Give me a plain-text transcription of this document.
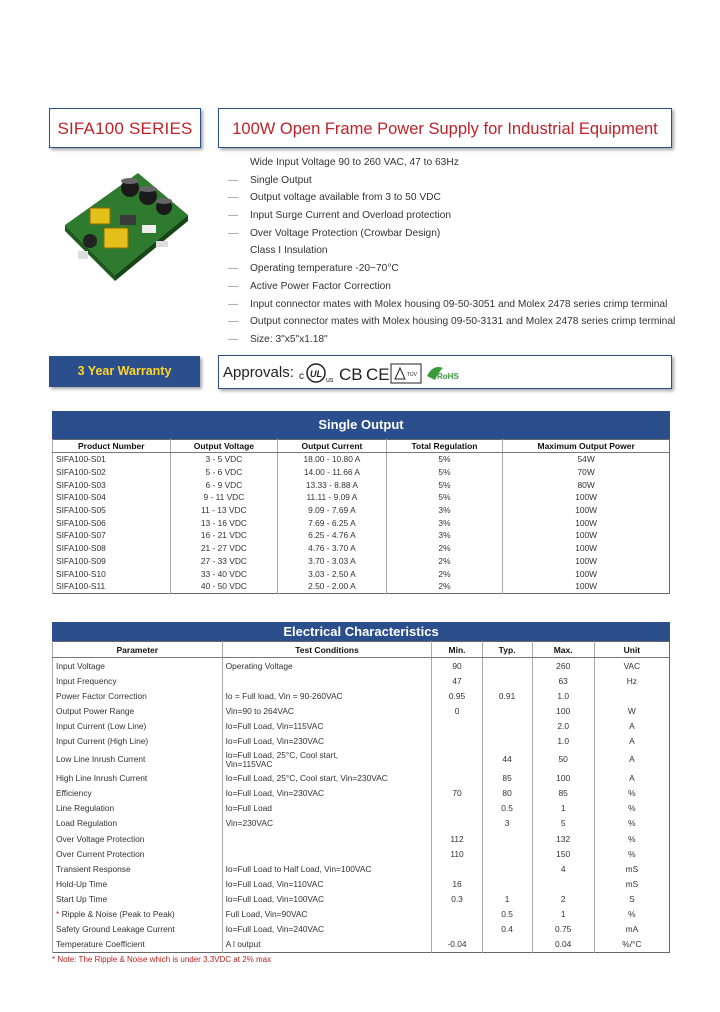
SIFA100 SERIES	100W Open Frame Power Supply for Industrial Equipment
Wide Input Voltage 90 to 260 VAC, 47 to 63Hz
— Single Output
— Output voltage available from 3 to 50 VDC
— Input Surge Current and Overload protection
— Over Voltage Protection (Crowbar Design)
Class I Insulation
— Operating temperature -20~70°C
— Active Power Factor Correction
— Input connector mates with Molex housing 09-50-3051 and Molex 2478 series crimp terminal
— Output connector mates with Molex housing 09-50-3131 and Molex 2478 series crimp terminal
— Size: 3"x5"x1.18"
3 Year Warranty	Approvals: c UL
us CB CE	TÜV	RoHS
Single Output
Product Number	Output Voltage	Output Current	Total Regulation	Maximum Output Power
SIFA100-S01	3 - 5 VDC	18.00 - 10.80 A	5%	54W
SIFA100-S02	5 - 6 VDC	14.00 - 11.66 A	5%	70W
SIFA100-S03	6 - 9 VDC	13.33 - 8.88 A	5%	80W
SIFA100-S04	9 - 11 VDC	11.11 - 9.09 A	5%	100W
SIFA100-S05	11 - 13 VDC	9.09 - 7.69 A	3%	100W
SIFA100-S06	13 - 16 VDC	7.69 - 6.25 A	3%	100W
SIFA100-S07	16 - 21 VDC	6.25 - 4.76 A	3%	100W
SIFA100-S08	21 - 27 VDC	4.76 - 3.70 A	2%	100W
SIFA100-S09	27 - 33 VDC	3.70 - 3.03 A	2%	100W
SIFA100-S10	33 - 40 VDC	3.03 - 2.50 A	2%	100W
SIFA100-S11	40 - 50 VDC	2.50 - 2.00 A	2%	100W
Electrical Characteristics
Parameter	Test Conditions	Min.	Typ.	Max.	Unit
Input Voltage	Operating Voltage	90		260	VAC
Input Frequency		47		63	Hz
Power Factor Correction	Io = Full load, Vin = 90-260VAC	0.95	0.91	1.0	
Output Power Range	Vin=90 to 264VAC	0		100	W
Input Current (Low Line)	Io=Full Load, Vin=115VAC			2.0	A
Input Current (High Line)	Io=Full Load, Vin=230VAC			1.0	A
Low Line Inrush Current	Io=Full Load, 25°C, Cool start,
Vin=115VAC		44	50	A
High Line Inrush Current	Io=Full Load, 25°C, Cool start, Vin=230VAC		85	100	A
Efficiency	Io=Full Load, Vin=230VAC	70	80	85	%
Line Regulation	Io=Full Load		0.5	1	%
Load Regulation	Vin=230VAC		3	5	%
Over Voltage Protection		112		132	%
Over Current Protection		110		150	%
Transient Response	Io=Full Load to Half Load, Vin=100VAC			4	mS
Hold-Up Time	Io=Full Load, Vin=110VAC	16			mS
Start Up Time	Io=Full Load, Vin=100VAC	0.3	1	2	S
* Ripple & Noise (Peak to Peak)	Full Load, Vin=90VAC		0.5	1	%
Safety Ground Leakage Current	Io=Full Load, Vin=240VAC		0.4	0.75	mA
Temperature Coefficient	A l output	-0.04		0.04	%/°C
* Note: The Ripple & Noise which is under 3.3VDC at 2% max
